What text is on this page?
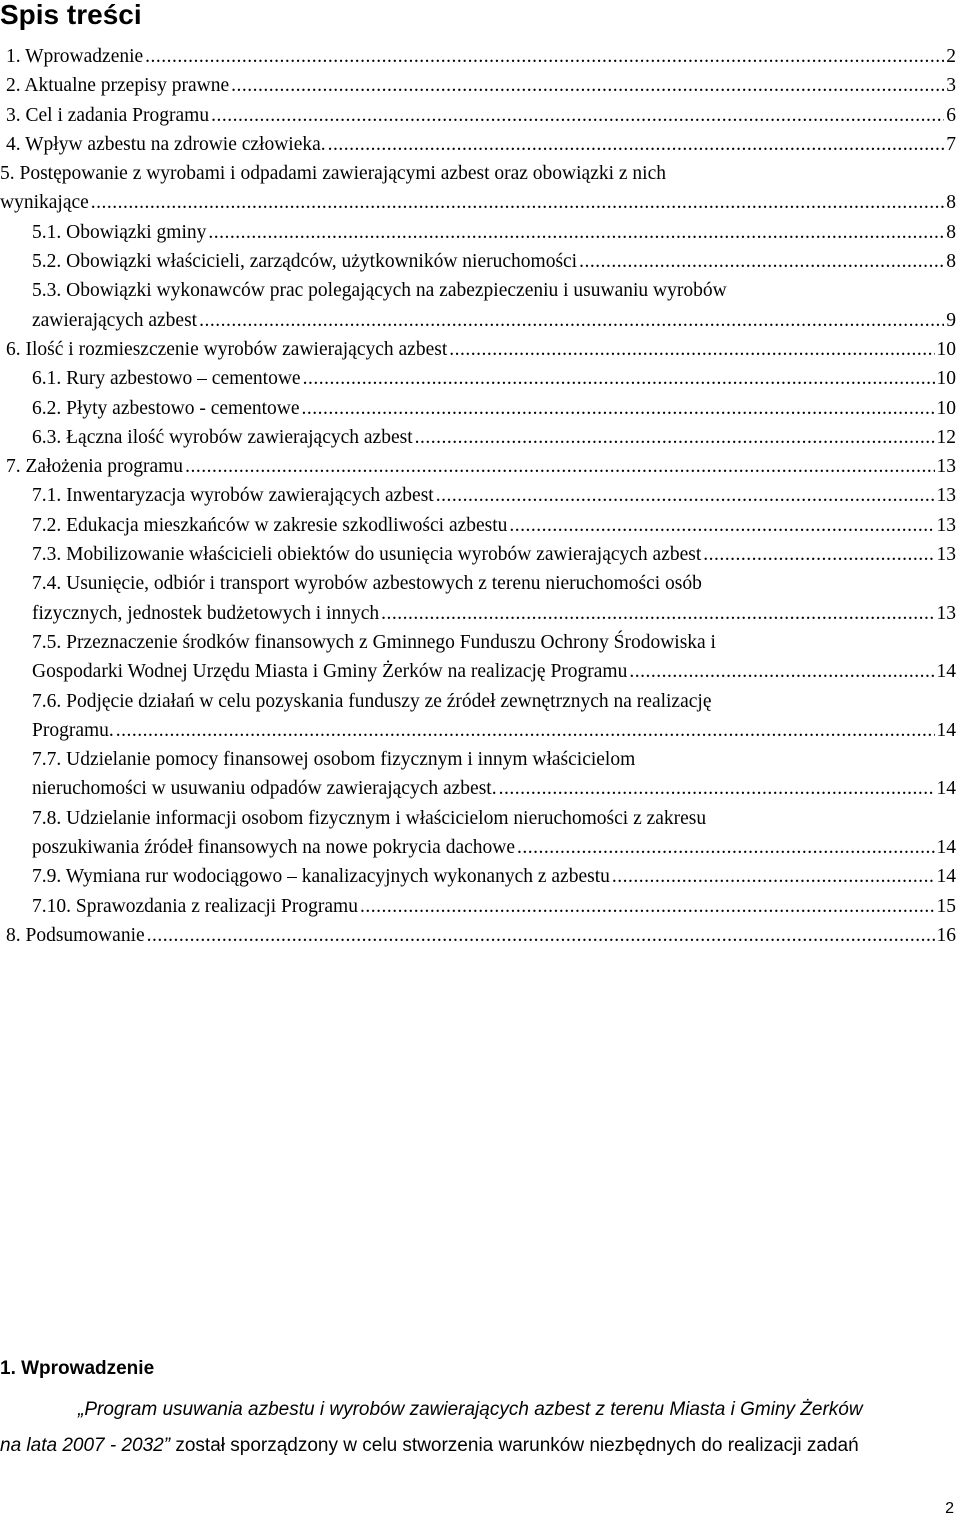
Spis treści
1. Wprowadzenie .....	2
2. Aktualne przepisy prawne .....	3
3. Cel i zadania Programu .....	6
4. Wpływ azbestu na zdrowie człowieka. .....	7
5. Postępowanie z wyrobami i odpadami zawierającymi azbest oraz obowiązki z nich
wynikające .....	8
5.1. Obowiązki gminy .....	8
5.2. Obowiązki właścicieli, zarządców, użytkowników nieruchomości .....	8
5.3. Obowiązki wykonawców prac polegających na zabezpieczeniu i usuwaniu wyrobów
zawierających azbest .....	9
6. Ilość i rozmieszczenie wyrobów zawierających azbest .....	10
6.1. Rury azbestowo – cementowe .....	10
6.2. Płyty azbestowo - cementowe .....	10
6.3. Łączna ilość wyrobów zawierających azbest .....	12
7. Założenia programu .....	13
7.1. Inwentaryzacja wyrobów zawierających azbest .....	13
7.2. Edukacja mieszkańców w zakresie szkodliwości azbestu .....	13
7.3. Mobilizowanie właścicieli obiektów do usunięcia wyrobów zawierających azbest .....	13
7.4. Usunięcie, odbiór i transport wyrobów azbestowych z terenu nieruchomości osób
fizycznych, jednostek budżetowych i innych .....	13
7.5. Przeznaczenie środków finansowych z Gminnego Funduszu Ochrony Środowiska i
Gospodarki Wodnej Urzędu Miasta i Gminy Żerków na realizację Programu .....	14
7.6. Podjęcie działań w celu pozyskania funduszy ze źródeł zewnętrznych na realizację
Programu. .....	14
7.7. Udzielanie pomocy finansowej osobom fizycznym i innym właścicielom
nieruchomości w usuwaniu odpadów zawierających azbest. .....	14
7.8. Udzielanie informacji osobom fizycznym i właścicielom nieruchomości z zakresu
poszukiwania źródeł finansowych na nowe pokrycia dachowe .....	14
7.9. Wymiana rur wodociągowo – kanalizacyjnych wykonanych z azbestu .....	14
7.10. Sprawozdania z realizacji Programu .....	15
8. Podsumowanie .....	16
1. Wprowadzenie
„Program usuwania azbestu i wyrobów zawierających azbest z terenu Miasta i Gminy Żerków
na lata 2007 - 2032” został sporządzony w celu stworzenia warunków niezbędnych do realizacji zadań
2
